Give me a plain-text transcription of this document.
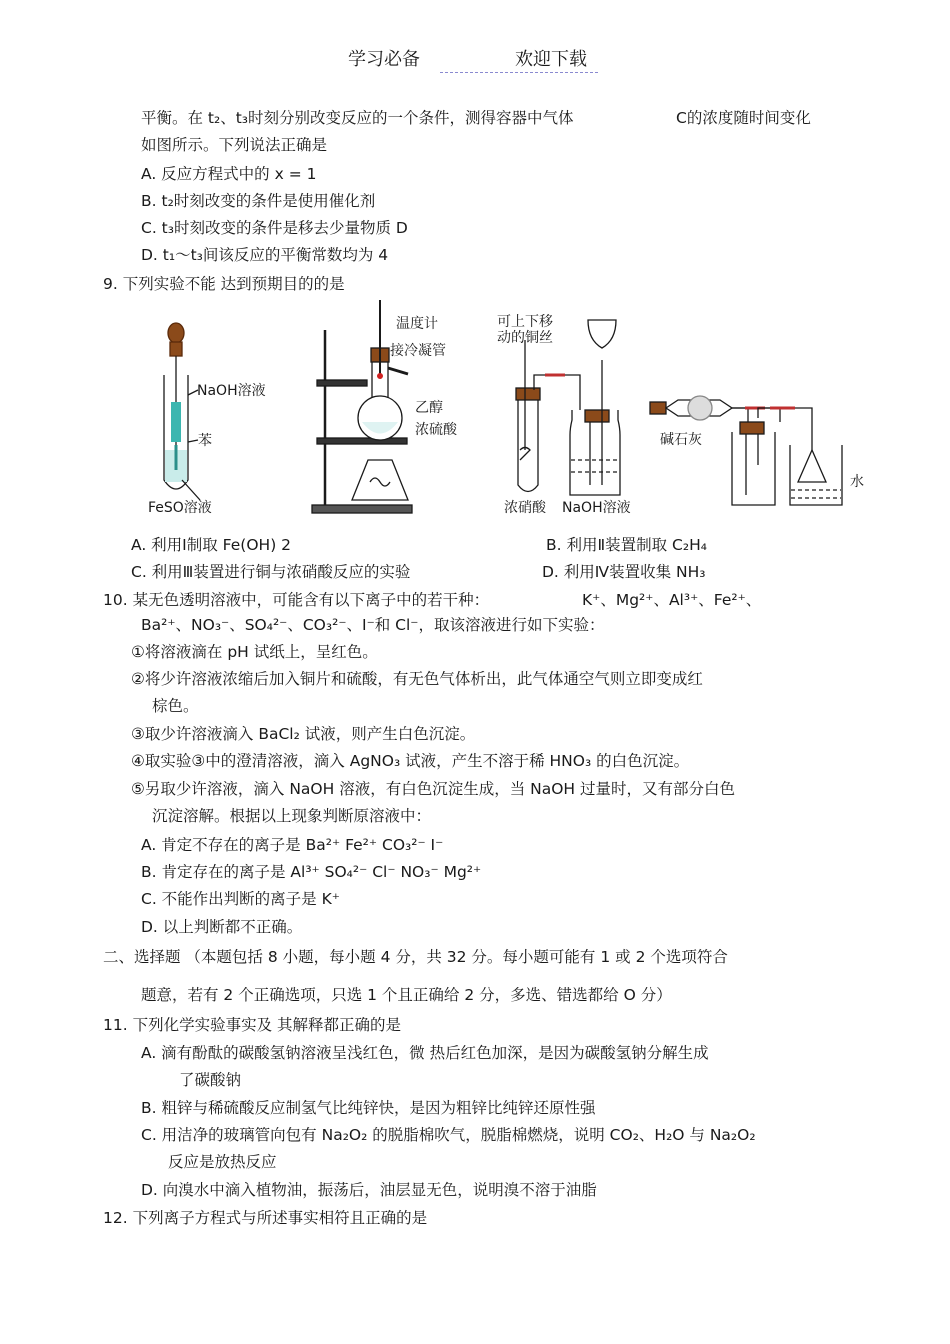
学习必备	欢迎下载
平衡。在 t₂、t₃时刻分别改变反应的一个条件，测得容器中气体	C的浓度随时间变化
如图所示。下列说法正确是
A. 反应方程式中的 x = 1
B. t₂时刻改变的条件是使用催化剂
C. t₃时刻改变的条件是移去少量物质 D
D. t₁～t₃间该反应的平衡常数均为 4
9. 下列实验不能 达到预期目的的是
NaOH溶液
苯
FeSO溶液
温度计
接冷凝管
乙醇
浓硫酸
可上下移
动的铜丝
浓硝酸 NaOH溶液
碱石灰
水
A. 利用Ⅰ制取 Fe(OH) 2	B. 利用Ⅱ装置制取 C₂H₄
C. 利用Ⅲ装置进行铜与浓硝酸反应的实验	D. 利用Ⅳ装置收集 NH₃
10. 某无色透明溶液中，可能含有以下离子中的若干种：	K⁺、Mg²⁺、Al³⁺、Fe²⁺、
Ba²⁺、NO₃⁻、SO₄²⁻、CO₃²⁻、I⁻和 Cl⁻，取该溶液进行如下实验：
①将溶液滴在 pH 试纸上，呈红色。
②将少许溶液浓缩后加入铜片和硫酸，有无色气体析出，此气体通空气则立即变成红
棕色。
③取少许溶液滴入 BaCl₂ 试液，则产生白色沉淀。
④取实验③中的澄清溶液，滴入 AgNO₃ 试液，产生不溶于稀 HNO₃ 的白色沉淀。
⑤另取少许溶液，滴入 NaOH 溶液，有白色沉淀生成，当 NaOH 过量时，又有部分白色
沉淀溶解。根据以上现象判断原溶液中：
A. 肯定不存在的离子是 Ba²⁺ Fe²⁺ CO₃²⁻ I⁻
B. 肯定存在的离子是 Al³⁺ SO₄²⁻ Cl⁻ NO₃⁻ Mg²⁺
C. 不能作出判断的离子是 K⁺
D. 以上判断都不正确。
二、选择题 （本题包括 8 小题，每小题 4 分，共 32 分。每小题可能有 1 或 2 个选项符合
题意，若有 2 个正确选项，只选 1 个且正确给 2 分，多选、错选都给 O 分）
11. 下列化学实验事实及 其解释都正确的是
A. 滴有酚酞的碳酸氢钠溶液呈浅红色，微 热后红色加深，是因为碳酸氢钠分解生成
了碳酸钠
B. 粗锌与稀硫酸反应制氢气比纯锌快，是因为粗锌比纯锌还原性强
C. 用洁净的玻璃管向包有 Na₂O₂ 的脱脂棉吹气，脱脂棉燃烧，说明 CO₂、H₂O 与 Na₂O₂
反应是放热反应
D. 向溴水中滴入植物油，振荡后，油层显无色，说明溴不溶于油脂
12. 下列离子方程式与所述事实相符且正确的是
